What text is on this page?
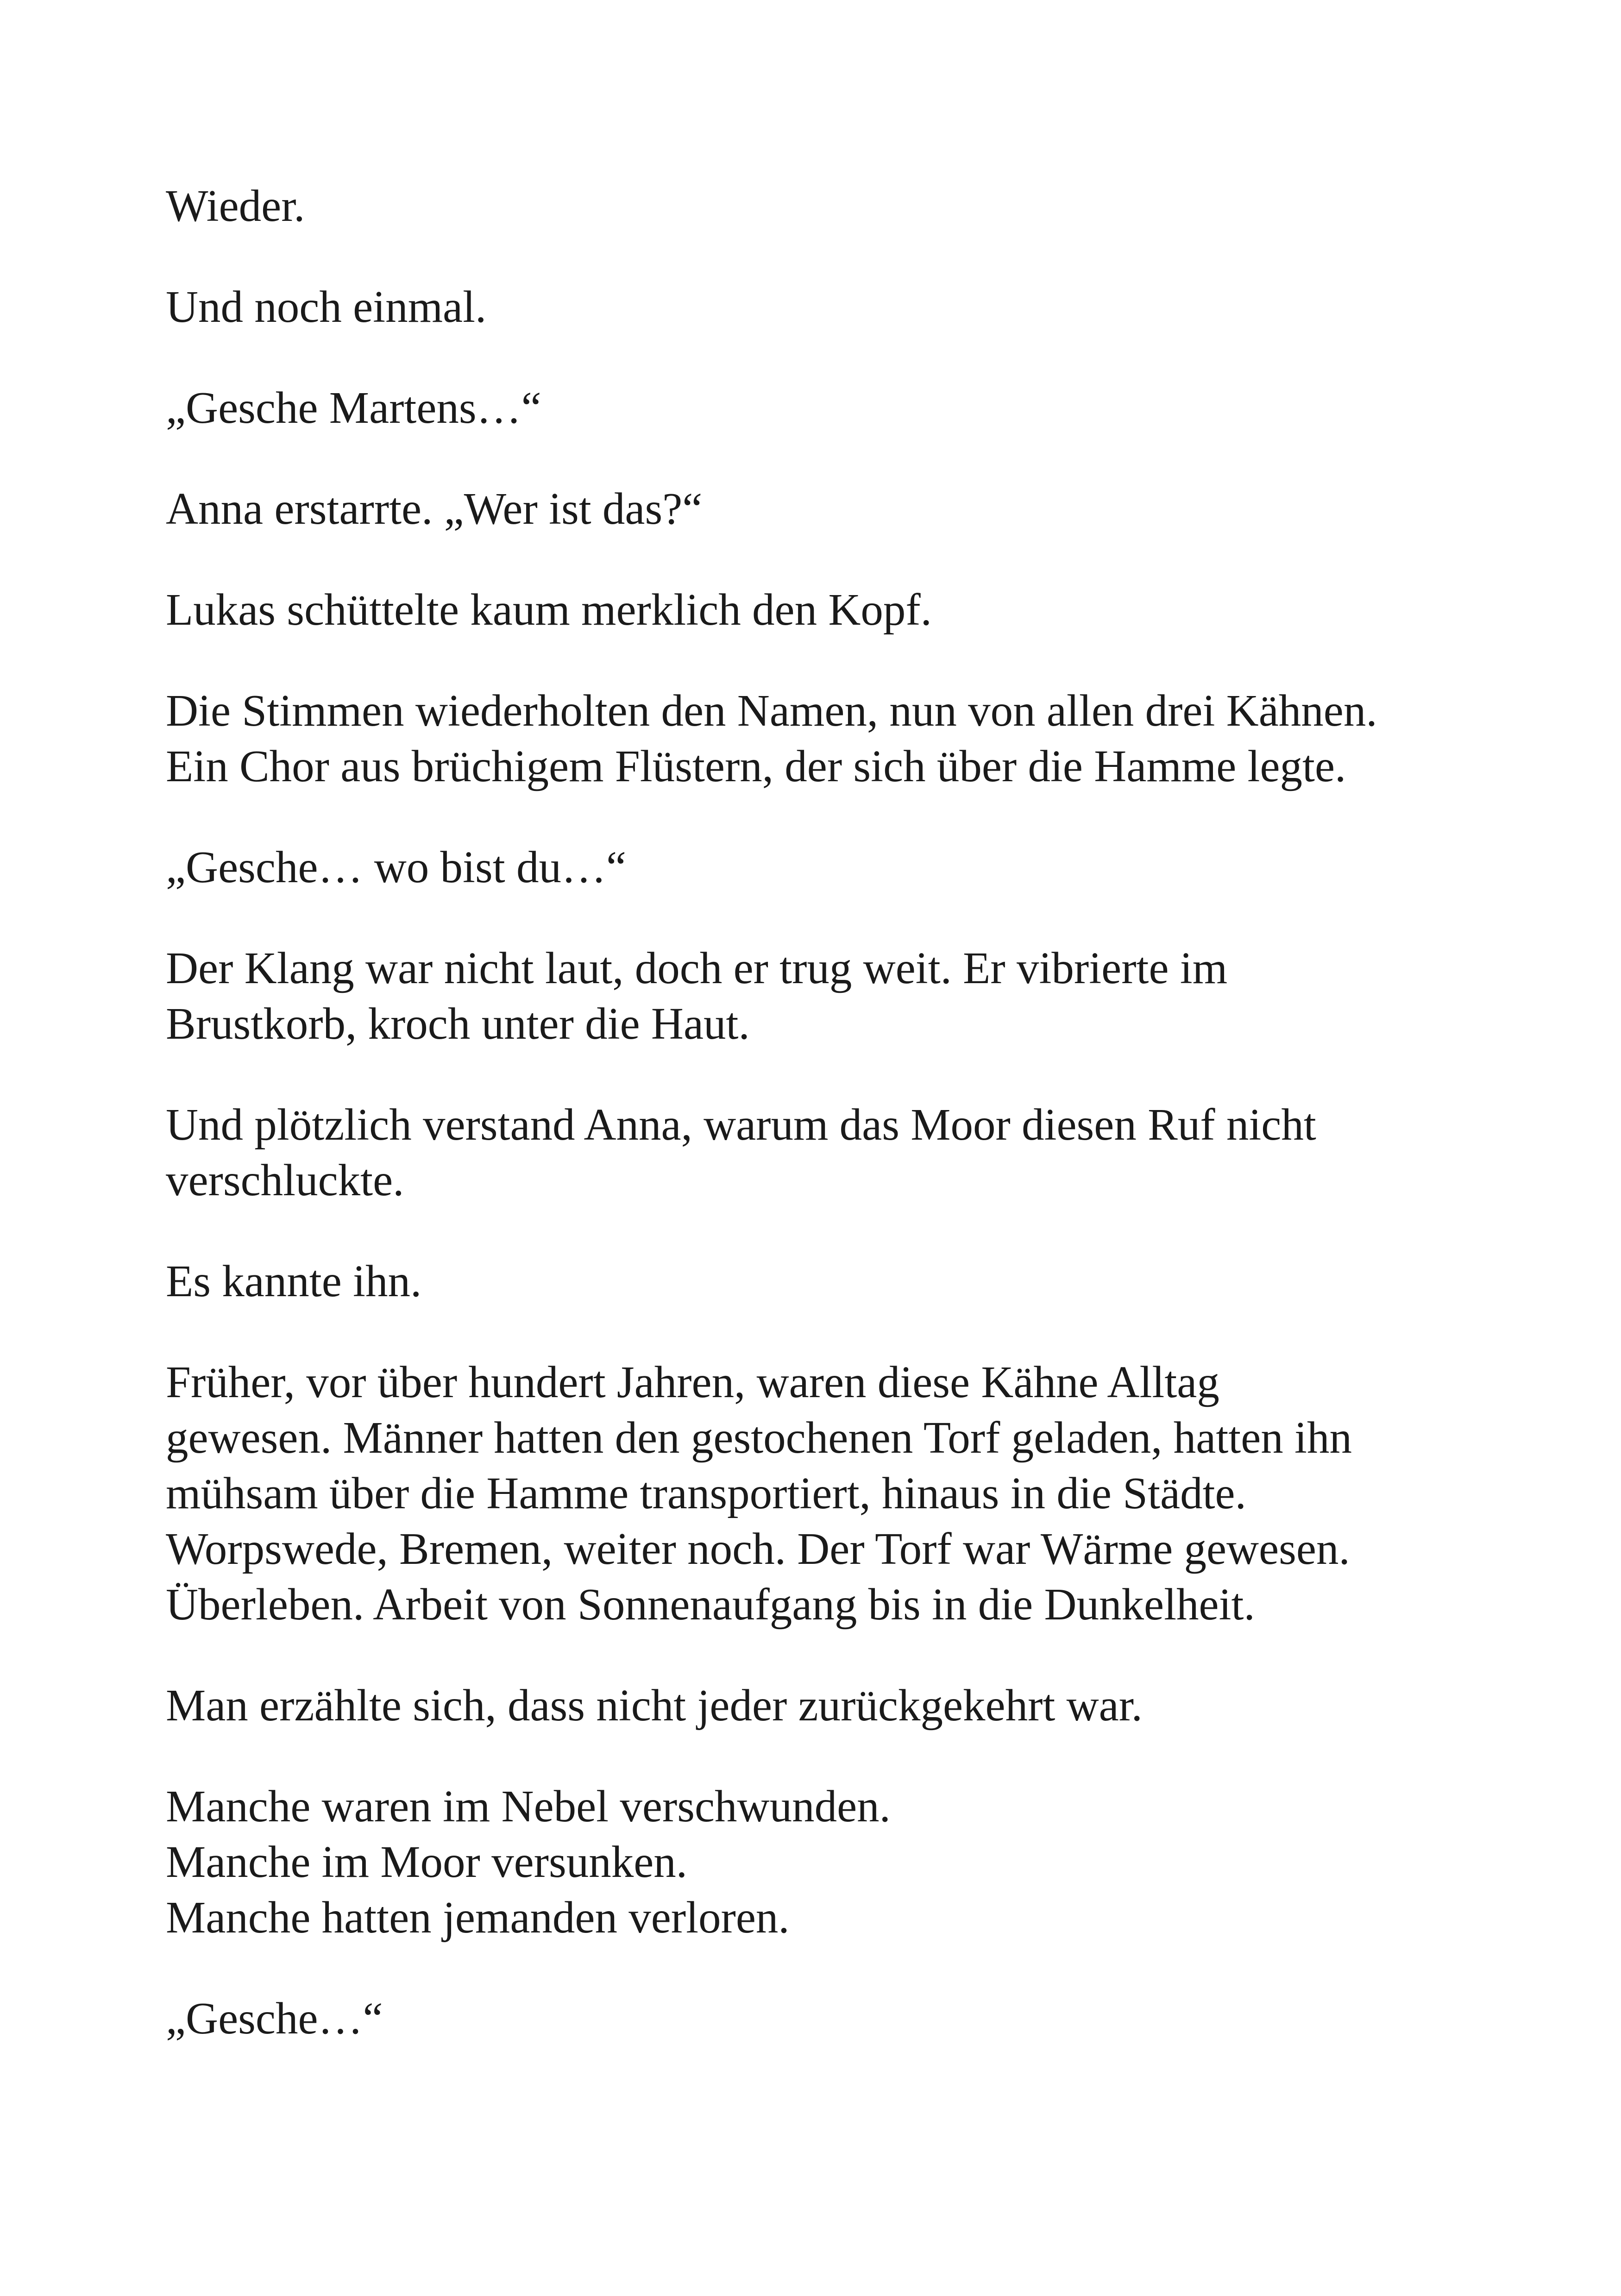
Wieder.

Und noch einmal.

„Gesche Martens…“

Anna erstarrte. „Wer ist das?“

Lukas schüttelte kaum merklich den Kopf.

Die Stimmen wiederholten den Namen, nun von allen drei Kähnen.
Ein Chor aus brüchigem Flüstern, der sich über die Hamme legte.

„Gesche… wo bist du…“

Der Klang war nicht laut, doch er trug weit. Er vibrierte im
Brustkorb, kroch unter die Haut.

Und plötzlich verstand Anna, warum das Moor diesen Ruf nicht
verschluckte.

Es kannte ihn.

Früher, vor über hundert Jahren, waren diese Kähne Alltag
gewesen. Männer hatten den gestochenen Torf geladen, hatten ihn
mühsam über die Hamme transportiert, hinaus in die Städte.
Worpswede, Bremen, weiter noch. Der Torf war Wärme gewesen.
Überleben. Arbeit von Sonnenaufgang bis in die Dunkelheit.

Man erzählte sich, dass nicht jeder zurückgekehrt war.

Manche waren im Nebel verschwunden.
Manche im Moor versunken.
Manche hatten jemanden verloren.

„Gesche…“
